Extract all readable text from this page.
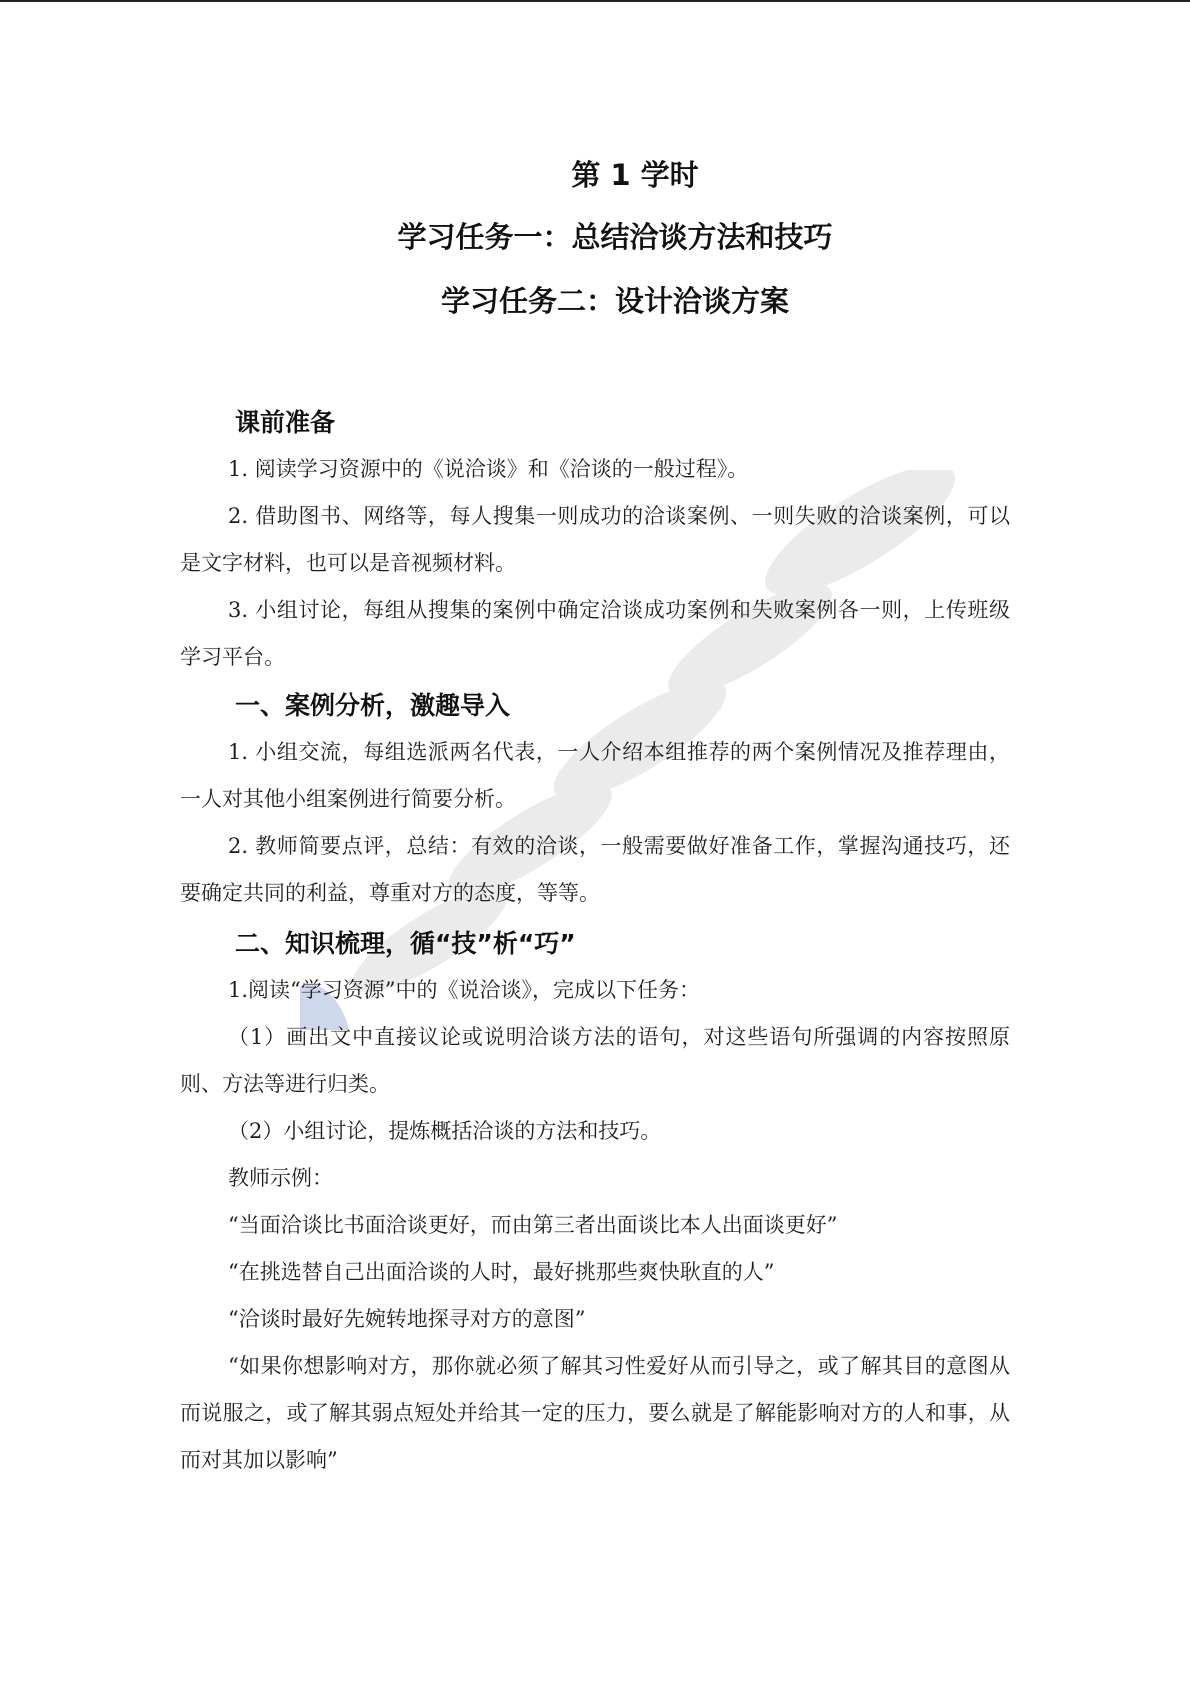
第 1 学时
学习任务一：总结洽谈方法和技巧
学习任务二：设计洽谈方案
课前准备

1. 阅读学习资源中的《说洽谈》和《洽谈的一般过程》。

2. 借助图书、网络等，每人搜集一则成功的洽谈案例、一则失败的洽谈案例，可以是文字材料，也可以是音视频材料。

3. 小组讨论，每组从搜集的案例中确定洽谈成功案例和失败案例各一则，上传班级学习平台。

一、案例分析，激趣导入

1. 小组交流，每组选派两名代表，一人介绍本组推荐的两个案例情况及推荐理由，一人对其他小组案例进行简要分析。

2. 教师简要点评，总结：有效的洽谈，一般需要做好准备工作，掌握沟通技巧，还要确定共同的利益，尊重对方的态度，等等。

二、知识梳理，循“技”析“巧”

1.阅读“学习资源”中的《说洽谈》，完成以下任务：

（1）画出文中直接议论或说明洽谈方法的语句，对这些语句所强调的内容按照原则、方法等进行归类。

（2）小组讨论，提炼概括洽谈的方法和技巧。

教师示例：

“当面洽谈比书面洽谈更好，而由第三者出面谈比本人出面谈更好”

“在挑选替自己出面洽谈的人时，最好挑那些爽快耿直的人”

“洽谈时最好先婉转地探寻对方的意图”

“如果你想影响对方，那你就必须了解其习性爱好从而引导之，或了解其目的意图从而说服之，或了解其弱点短处并给其一定的压力，要么就是了解能影响对方的人和事，从而对其加以影响”
